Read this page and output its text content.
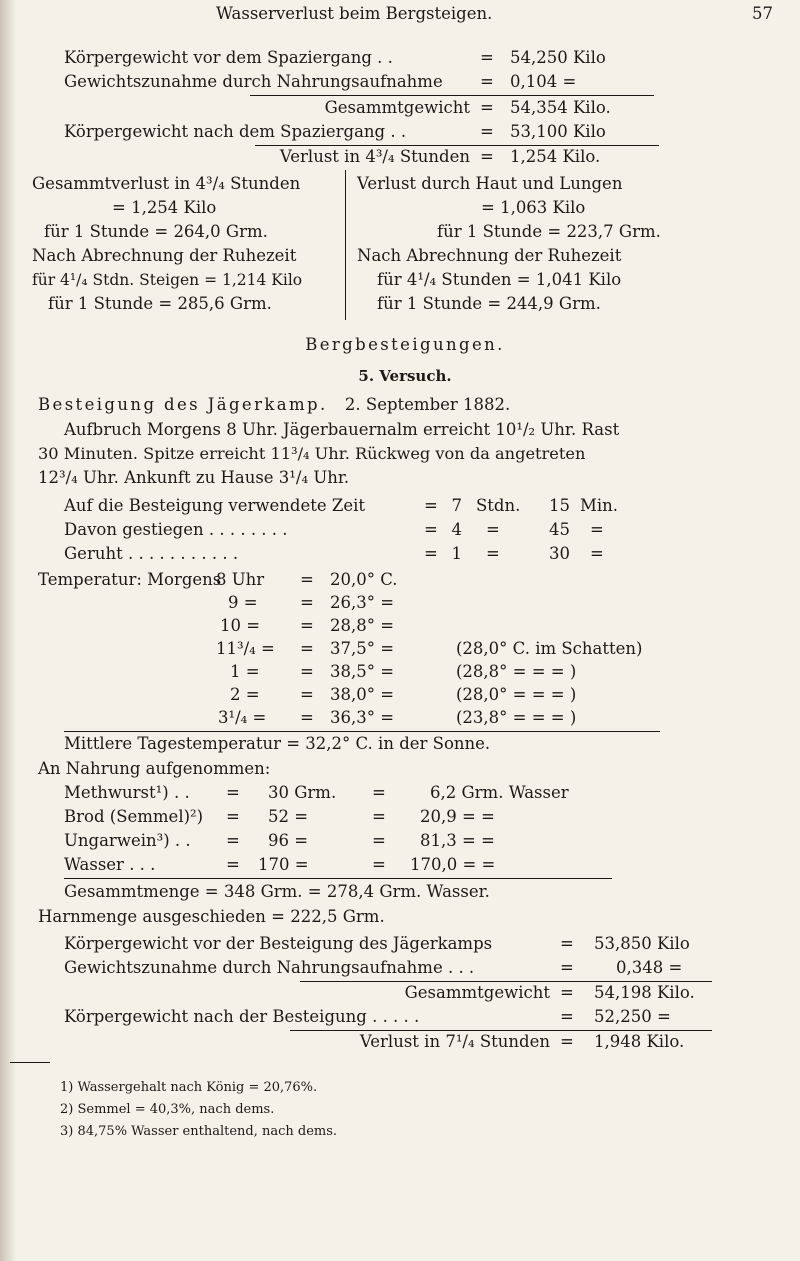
Wasserverlust beim Bergsteigen.	57
Körpergewicht vor dem Spaziergang . .	= 54,250 Kilo
Gewichtszunahme durch Nahrungsaufnahme = 0,104 =
Gesammtgewicht = 54,354 Kilo.
Körpergewicht nach dem Spaziergang . .	= 53,100 Kilo
Verlust in 4³/₄ Stunden = 1,254 Kilo.
Gesammtverlust in 4³/₄ Stunden
= 1,254 Kilo
für 1 Stunde = 264,0 Grm.
Nach Abrechnung der Ruhezeit
für 4¹/₄ Stdn. Steigen = 1,214 Kilo
für 1 Stunde = 285,6 Grm.
Verlust durch Haut und Lungen
= 1,063 Kilo
für 1 Stunde = 223,7 Grm.
Nach Abrechnung der Ruhezeit
für 4¹/₄ Stunden = 1,041 Kilo
für 1 Stunde = 244,9 Grm.
Bergbesteigungen.
5. Versuch.
Besteigung des Jägerkamp. 2. September 1882.
Aufbruch Morgens 8 Uhr. Jägerbauernalm erreicht 10¹/₂ Uhr. Rast
30 Minuten. Spitze erreicht 11³/₄ Uhr. Rückweg von da angetreten
12³/₄ Uhr. Ankunft zu Hause 3¹/₄ Uhr.
Auf die Besteigung verwendete Zeit	= 7 Stdn.	15 Min.
Davon gestiegen . . . . . . . .	= 4 =	45 =
Geruht . . . . . . . . . . .	= 1 =	30 =
Temperatur: Morgens
8 Uhr = 20,0° C.
9 =	= 26,3° =
10 = = 28,8° =
11³/₄ = = 37,5° =	(28,0° C. im Schatten)
1 = = 38,5° =	(28,8° = = = )
2 = = 38,0° =	(28,0° = = = )
3¹/₄ = = 36,3° =	(23,8° = = = )
Mittlere Tagestemperatur = 32,2° C. in der Sonne.
An Nahrung aufgenommen:
Methwurst¹) . . = 30 Grm. =	6,2 Grm. Wasser
Brod (Semmel)²) = 52 =	= 20,9 = =
Ungarwein³) . . = 96 =	= 81,3 = =
Wasser . . .	= 170 =	= 170,0 = =
Gesammtmenge = 348 Grm. = 278,4 Grm. Wasser.
Harnmenge ausgeschieden = 222,5 Grm.
Körpergewicht vor der Besteigung des Jägerkamps	= 53,850 Kilo
Gewichtszunahme durch Nahrungsaufnahme . . .	=	0,348 =
Gesammtgewicht = 54,198 Kilo.
Körpergewicht nach der Besteigung . . . . .	= 52,250 =
Verlust in 7¹/₄ Stunden = 1,948 Kilo.
1) Wassergehalt nach König = 20,76%.
2) Semmel = 40,3%, nach dems.
3) 84,75% Wasser enthaltend, nach dems.
